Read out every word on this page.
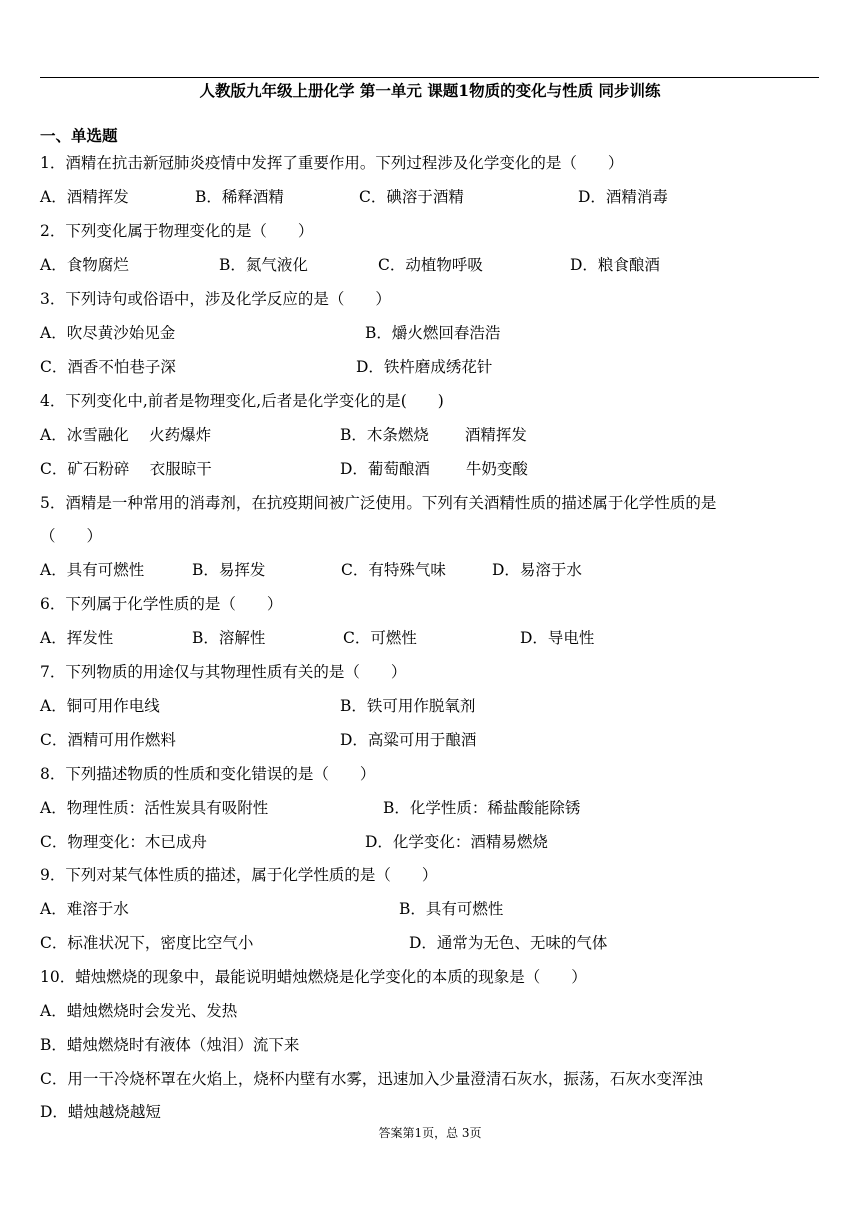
人教版九年级上册化学 第一单元 课题1物质的变化与性质 同步训练
一、单选题
1．酒精在抗击新冠肺炎疫情中发挥了重要作用。下列过程涉及化学变化的是（　　）
A．酒精挥发	B．稀释酒精	C．碘溶于酒精	D．酒精消毒
2．下列变化属于物理变化的是（　　）
A．食物腐烂	B．氮气液化	C．动植物呼吸	D．粮食酿酒
3．下列诗句或俗语中，涉及化学反应的是（　　）
A．吹尽黄沙始见金	B．爝火燃回春浩浩
C．酒香不怕巷子深	D．铁杵磨成绣花针
4．下列变化中,前者是物理变化,后者是化学变化的是(　　)
A．冰雪融化　 火药爆炸	B．木条燃烧　　 酒精挥发
C．矿石粉碎　 衣服晾干	D．葡萄酿酒　　 牛奶变酸
5．酒精是一种常用的消毒剂，在抗疫期间被广泛使用。下列有关酒精性质的描述属于化学性质的是
（　　）
A．具有可燃性	B．易挥发	C．有特殊气味	D．易溶于水
6．下列属于化学性质的是（　　）
A．挥发性	B．溶解性	C．可燃性	D．导电性
7．下列物质的用途仅与其物理性质有关的是（　　）
A．铜可用作电线	B．铁可用作脱氧剂
C．酒精可用作燃料	D．高粱可用于酿酒
8．下列描述物质的性质和变化错误的是（　　）
A．物理性质：活性炭具有吸附性	B．化学性质：稀盐酸能除锈
C．物理变化：木已成舟	D．化学变化：酒精易燃烧
9．下列对某气体性质的描述，属于化学性质的是（　　）
A．难溶于水	B．具有可燃性
C．标准状况下，密度比空气小	D．通常为无色、无味的气体
10．蜡烛燃烧的现象中，最能说明蜡烛燃烧是化学变化的本质的现象是（　　）
A．蜡烛燃烧时会发光、发热
B．蜡烛燃烧时有液体（烛泪）流下来
C．用一干冷烧杯罩在火焰上，烧杯内壁有水雾，迅速加入少量澄清石灰水，振荡，石灰水变浑浊
D．蜡烛越烧越短
答案第1页，总 3页
